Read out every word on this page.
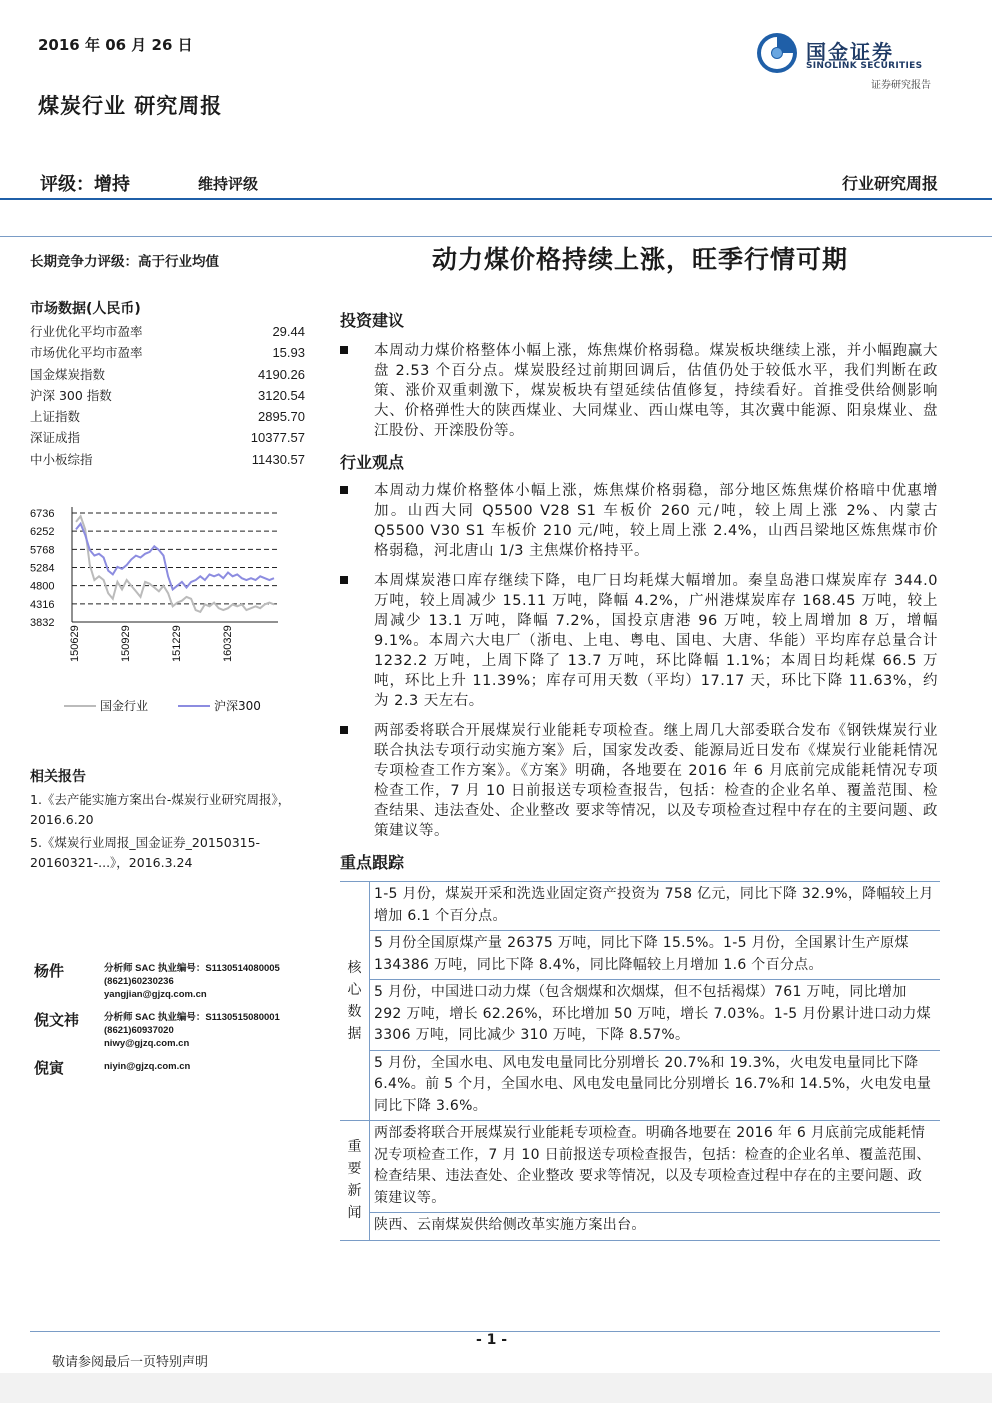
2016 年 06 月 26 日	国金证券
SINOLINK SECURITIES
证券研究报告
煤炭行业 研究周报
评级：增持	维持评级	行业研究周报
长期竞争力评级：高于行业均值	动力煤价格持续上涨，旺季行情可期
市场数据(人民币)
行业优化平均市盈率	29.44
市场优化平均市盈率	15.93
国金煤炭指数	4190.26
沪深 300 指数	3120.54
上证指数	2895.70
深证成指	10377.57
中小板综指	11430.57
6736
6252
5768
5284
4800
4316
3832
150629	150929	151229	160329
国金行业	沪深300
相关报告
1.《去产能实施方案出台-煤炭行业研究周报》，2016.6.20
5.《煤炭行业周报_国金证券_20150315-20160321-...》，2016.3.24
杨件	分析师 SAC 执业编号：S1130514080005
(8621)60230236
yangjian@gjzq.com.cn
倪文祎	分析师 SAC 执业编号：S1130515080001
(8621)60937020
niwy@gjzq.com.cn
倪寅	niyin@gjzq.com.cn
投资建议
本周动力煤价格整体小幅上涨，炼焦煤价格弱稳。煤炭板块继续上涨，并小幅跑赢大盘 2.53 个百分点。煤炭股经过前期回调后，估值仍处于较低水平，我们判断在政策、涨价双重刺激下，煤炭板块有望延续估值修复，持续看好。首推受供给侧影响大、价格弹性大的陕西煤业、大同煤业、西山煤电等，其次冀中能源、阳泉煤业、盘江股份、开滦股份等。
行业观点
本周动力煤价格整体小幅上涨，炼焦煤价格弱稳，部分地区炼焦煤价格暗中优惠增加。山西大同 Q5500 V28 S1 车板价 260 元/吨，较上周上涨 2%、内蒙古 Q5500 V30 S1 车板价 210 元/吨，较上周上涨 2.4%，山西吕梁地区炼焦煤市价格弱稳，河北唐山 1/3 主焦煤价格持平。
本周煤炭港口库存继续下降，电厂日均耗煤大幅增加。秦皇岛港口煤炭库存 344.0 万吨，较上周减少 15.11 万吨，降幅 4.2%，广州港煤炭库存 168.45 万吨，较上周减少 13.1 万吨，降幅 7.2%，国投京唐港 96 万吨，较上周增加 8 万，增幅 9.1%。本周六大电厂（浙电、上电、粤电、国电、大唐、华能）平均库存总量合计 1232.2 万吨，上周下降了 13.7 万吨，环比降幅 1.1%；本周日均耗煤 66.5 万吨，环比上升 11.39%；库存可用天数（平均）17.17 天，环比下降 11.63%，约为 2.3 天左右。
两部委将联合开展煤炭行业能耗专项检查。继上周几大部委联合发布《钢铁煤炭行业联合执法专项行动实施方案》后，国家发改委、能源局近日发布《煤炭行业能耗情况专项检查工作方案》。《方案》明确，各地要在 2016 年 6 月底前完成能耗情况专项检查工作，7 月 10 日前报送专项检查报告，包括：检查的企业名单、覆盖范围、检查结果、违法查处、企业整改 要求等情况，以及专项检查过程中存在的主要问题、政策建议等。
重点跟踪
核心数据
1-5 月份，煤炭开采和洗选业固定资产投资为 758 亿元，同比下降 32.9%，降幅较上月增加 6.1 个百分点。
5 月份全国原煤产量 26375 万吨，同比下降 15.5%。1-5 月份，全国累计生产原煤 134386 万吨，同比下降 8.4%，同比降幅较上月增加 1.6 个百分点。
5 月份，中国进口动力煤（包含烟煤和次烟煤，但不包括褐煤）761 万吨，同比增加 292 万吨，增长 62.26%，环比增加 50 万吨，增长 7.03%。1-5 月份累计进口动力煤 3306 万吨，同比减少 310 万吨，下降 8.57%。
5 月份，全国水电、风电发电量同比分别增长 20.7%和 19.3%，火电发电量同比下降 6.4%。前 5 个月，全国水电、风电发电量同比分别增长 16.7%和 14.5%，火电发电量同比下降 3.6%。
重要新闻
两部委将联合开展煤炭行业能耗专项检查。明确各地要在 2016 年 6 月底前完成能耗情况专项检查工作，7 月 10 日前报送专项检查报告，包括：检查的企业名单、覆盖范围、检查结果、违法查处、企业整改 要求等情况，以及专项检查过程中存在的主要问题、政策建议等。
陕西、云南煤炭供给侧改革实施方案出台。
- 1 -
敬请参阅最后一页特别声明
